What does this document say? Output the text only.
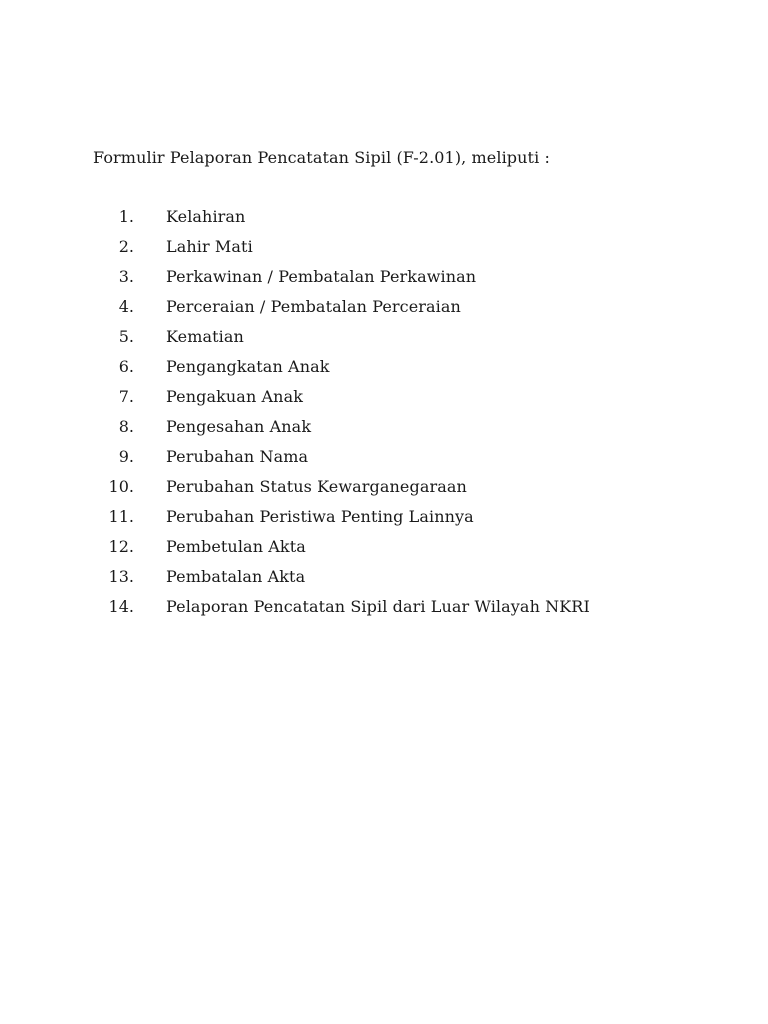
Formulir Pelaporan Pencatatan Sipil (F-2.01), meliputi :
1. Kelahiran
2. Lahir Mati
3. Perkawinan / Pembatalan Perkawinan
4. Perceraian / Pembatalan Perceraian
5. Kematian
6. Pengangkatan Anak
7. Pengakuan Anak
8. Pengesahan Anak
9. Perubahan Nama
10. Perubahan Status Kewarganegaraan
11. Perubahan Peristiwa Penting Lainnya
12. Pembetulan Akta
13. Pembatalan Akta
14. Pelaporan Pencatatan Sipil dari Luar Wilayah NKRI
